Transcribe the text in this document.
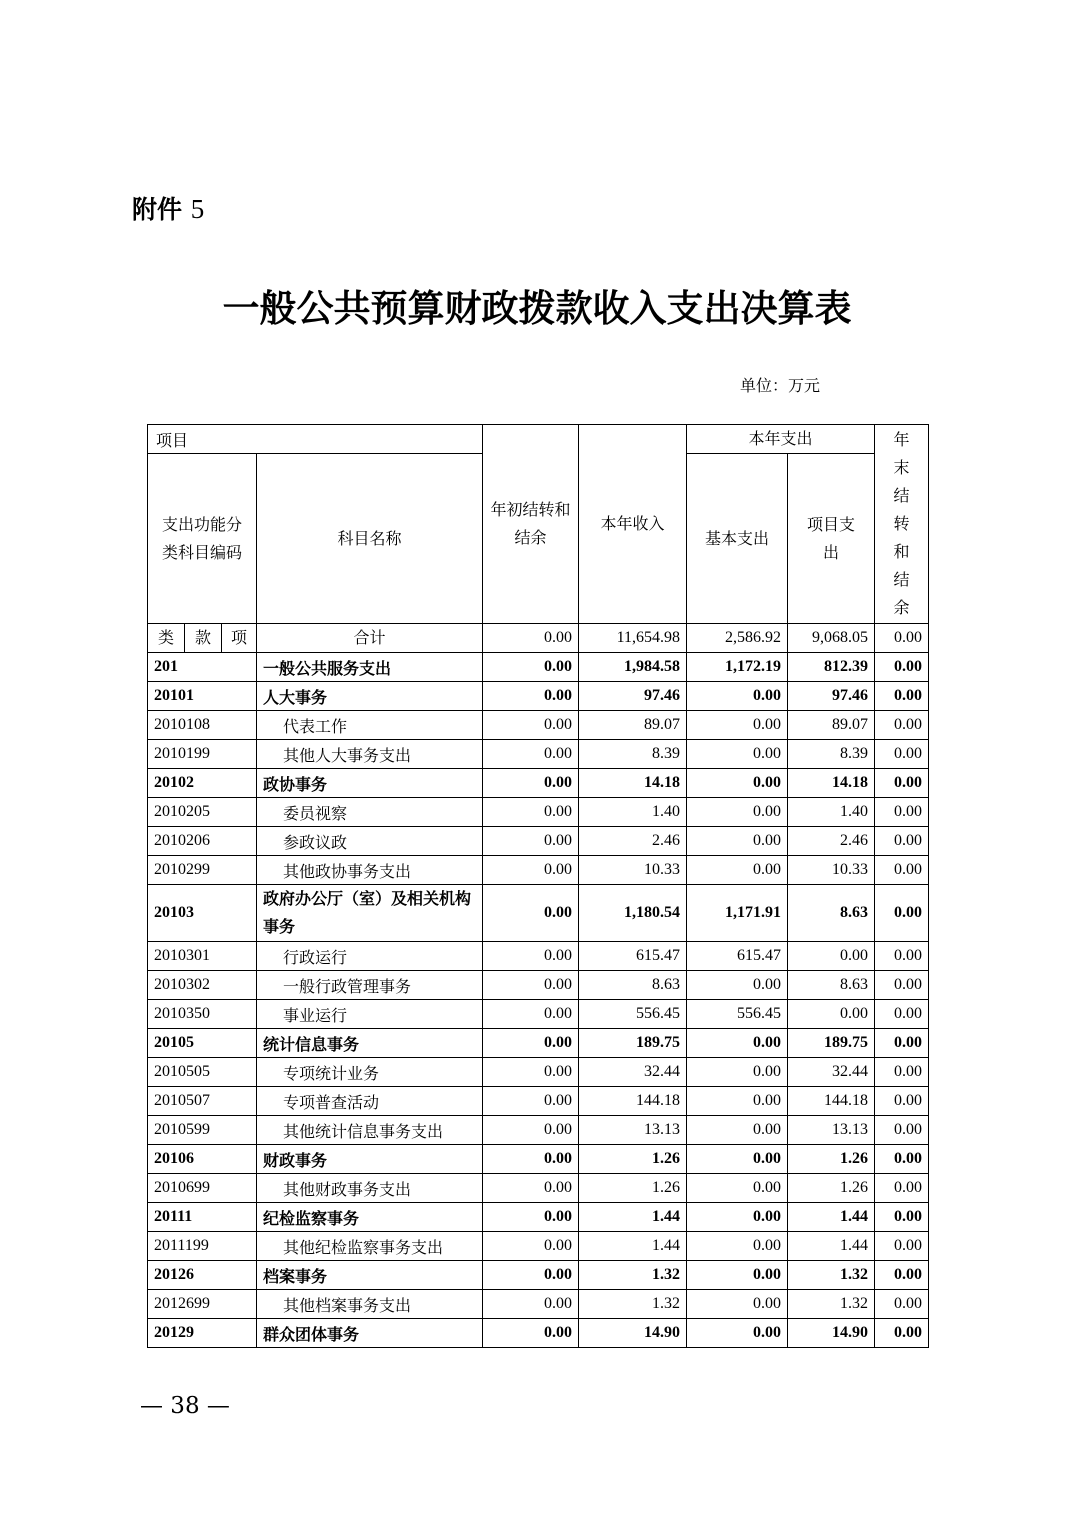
附件 5
一般公共预算财政拨款收入支出决算表
单位：万元
项目				年初结转和结余	本年收入	本年支出		年末结转和结余
支出功能分类科目编码			科目名称			基本支出	项目支出	
类	款	项	合计	0.00	11,654.98	2,586.92	9,068.05	0.00
201			一般公共服务支出	0.00	1,984.58	1,172.19	812.39	0.00
20101			人大事务	0.00	97.46	0.00	97.46	0.00
2010108			代表工作	0.00	89.07	0.00	89.07	0.00
2010199			其他人大事务支出	0.00	8.39	0.00	8.39	0.00
20102			政协事务	0.00	14.18	0.00	14.18	0.00
2010205			委员视察	0.00	1.40	0.00	1.40	0.00
2010206			参政议政	0.00	2.46	0.00	2.46	0.00
2010299			其他政协事务支出	0.00	10.33	0.00	10.33	0.00
20103			政府办公厅（室）及相关机构事务	0.00	1,180.54	1,171.91	8.63	0.00
2010301			行政运行	0.00	615.47	615.47	0.00	0.00
2010302			一般行政管理事务	0.00	8.63	0.00	8.63	0.00
2010350			事业运行	0.00	556.45	556.45	0.00	0.00
20105			统计信息事务	0.00	189.75	0.00	189.75	0.00
2010505			专项统计业务	0.00	32.44	0.00	32.44	0.00
2010507			专项普查活动	0.00	144.18	0.00	144.18	0.00
2010599			其他统计信息事务支出	0.00	13.13	0.00	13.13	0.00
20106			财政事务	0.00	1.26	0.00	1.26	0.00
2010699			其他财政事务支出	0.00	1.26	0.00	1.26	0.00
20111			纪检监察事务	0.00	1.44	0.00	1.44	0.00
2011199			其他纪检监察事务支出	0.00	1.44	0.00	1.44	0.00
20126			档案事务	0.00	1.32	0.00	1.32	0.00
2012699			其他档案事务支出	0.00	1.32	0.00	1.32	0.00
20129			群众团体事务	0.00	14.90	0.00	14.90	0.00
— 38 —
